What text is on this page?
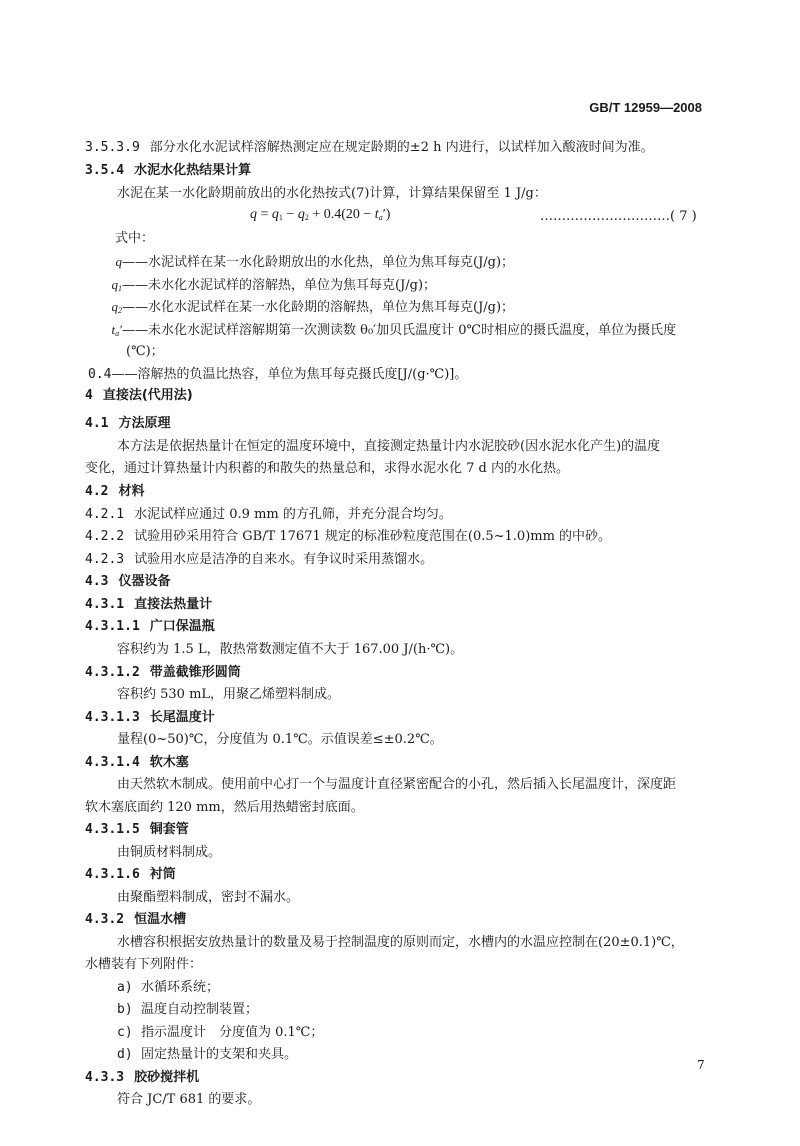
GB/T 12959—2008
3.5.3.9 部分水化水泥试样溶解热测定应在规定龄期的±2 h 内进行，以试样加入酸液时间为准。
3.5.4 水泥水化热结果计算
水泥在某一水化龄期前放出的水化热按式(7)计算，计算结果保留至 1 J/g：
$q = q_1 - q_2 + 0.4(20 - t_a')$	…………………………( 7 )
式中：
q——水泥试样在某一水化龄期放出的水化热，单位为焦耳每克(J/g)；
$q_1——$未水化水泥试样的溶解热，单位为焦耳每克(J/g)；
$q_2——$水化水泥试样在某一水化龄期的溶解热，单位为焦耳每克(J/g)；
$t_a'——$未水化水泥试样溶解期第一次测读数 θ₀′加贝氏温度计 0℃时相应的摄氏温度，单位为摄氏度
(℃)；
0.4——溶解热的负温比热容，单位为焦耳每克摄氏度[J/(g·℃)]。
4 直接法(代用法)
4.1 方法原理
本方法是依据热量计在恒定的温度环境中，直接测定热量计内水泥胶砂(因水泥水化产生)的温度
变化，通过计算热量计内积蓄的和散失的热量总和，求得水泥水化 7 d 内的水化热。
4.2 材料
4.2.1 水泥试样应通过 0.9 mm 的方孔筛，并充分混合均匀。
4.2.2 试验用砂采用符合 GB/T 17671 规定的标准砂粒度范围在(0.5~1.0)mm 的中砂。
4.2.3 试验用水应是洁净的自来水。有争议时采用蒸馏水。
4.3 仪器设备
4.3.1 直接法热量计
4.3.1.1 广口保温瓶
容积约为 1.5 L，散热常数测定值不大于 167.00 J/(h·℃)。
4.3.1.2 带盖截锥形圆筒
容积约 530 mL，用聚乙烯塑料制成。
4.3.1.3 长尾温度计
量程(0~50)℃，分度值为 0.1℃。示值误差≤±0.2℃。
4.3.1.4 软木塞
由天然软木制成。使用前中心打一个与温度计直径紧密配合的小孔，然后插入长尾温度计，深度距
软木塞底面约 120 mm，然后用热蜡密封底面。
4.3.1.5 铜套管
由铜质材料制成。
4.3.1.6 衬筒
由聚酯塑料制成，密封不漏水。
4.3.2 恒温水槽
水槽容积根据安放热量计的数量及易于控制温度的原则而定，水槽内的水温应控制在(20±0.1)℃，
水槽装有下列附件：
a) 水循环系统；
b) 温度自动控制装置；
c) 指示温度计　分度值为 0.1℃；
d) 固定热量计的支架和夹具。
4.3.3 胶砂搅拌机
符合 JC/T 681 的要求。
7
